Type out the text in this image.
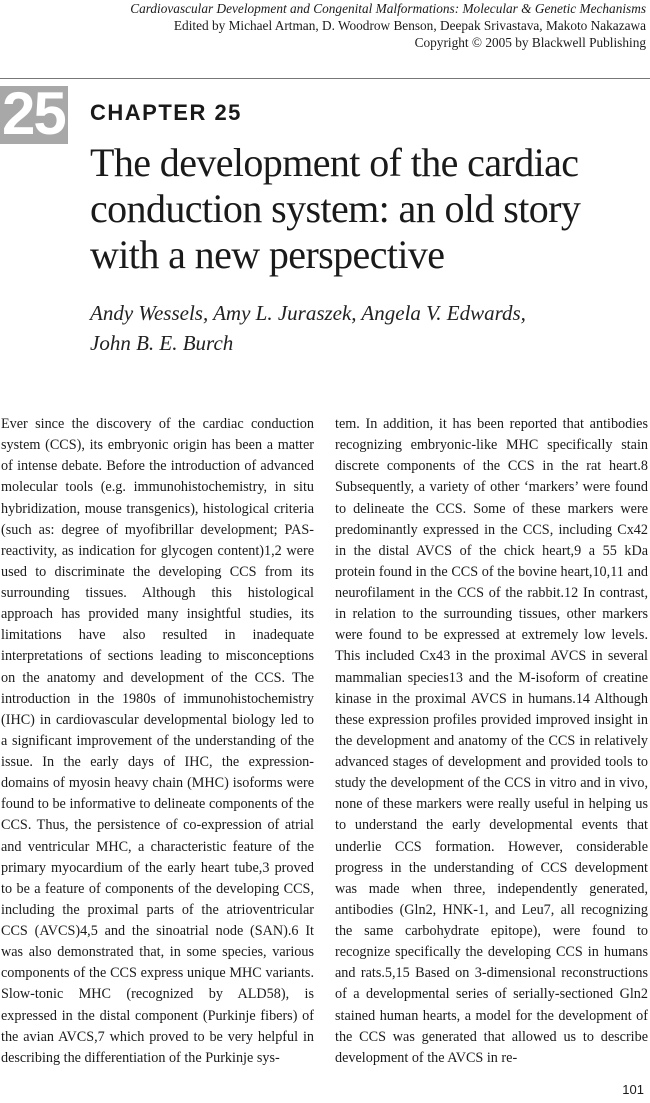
Cardiovascular Development and Congenital Malformations: Molecular & Genetic Mechanisms
Edited by Michael Artman, D. Woodrow Benson, Deepak Srivastava, Makoto Nakazawa
Copyright © 2005 by Blackwell Publishing
25 CHAPTER 25
The development of the cardiac conduction system: an old story with a new perspective
Andy Wessels, Amy L. Juraszek, Angela V. Edwards,
John B. E. Burch

Ever since the discovery of the cardiac conduction system (CCS), its embryonic origin has been a matter of intense debate. Before the introduction of advanced molecular tools (e.g. immunohistochemistry, in situ hybridization, mouse transgenics), histological criteria (such as: degree of myofibrillar development; PAS-reactivity, as indication for glycogen content)1,2 were used to discriminate the developing CCS from its surrounding tissues. Although this histological approach has provided many insightful studies, its limitations have also resulted in inadequate interpretations of sections leading to misconceptions on the anatomy and development of the CCS. The introduction in the 1980s of immunohistochemistry (IHC) in cardiovascular developmental biology led to a significant improvement of the understanding of the issue. In the early days of IHC, the expression-domains of myosin heavy chain (MHC) isoforms were found to be informative to delineate components of the CCS. Thus, the persistence of co-expression of atrial and ventricular MHC, a characteristic feature of the primary myocardium of the early heart tube,3 proved to be a feature of components of the developing CCS, including the proximal parts of the atrioventricular CCS (AVCS)4,5 and the sinoatrial node (SAN).6 It was also demonstrated that, in some species, various components of the CCS express unique MHC variants. Slow-tonic MHC (recognized by ALD58), is expressed in the distal component (Purkinje fibers) of the avian AVCS,7 which proved to be very helpful in describing the differentiation of the Purkinje sys-

tem. In addition, it has been reported that antibodies recognizing embryonic-like MHC specifically stain discrete components of the CCS in the rat heart.8 Subsequently, a variety of other ‘markers’ were found to delineate the CCS. Some of these markers were predominantly expressed in the CCS, including Cx42 in the distal AVCS of the chick heart,9 a 55 kDa protein found in the CCS of the bovine heart,10,11 and neurofilament in the CCS of the rabbit.12 In contrast, in relation to the surrounding tissues, other markers were found to be expressed at extremely low levels. This included Cx43 in the proximal AVCS in several mammalian species13 and the M-isoform of creatine kinase in the proximal AVCS in humans.14 Although these expression profiles provided improved insight in the development and anatomy of the CCS in relatively advanced stages of development and provided tools to study the development of the CCS in vitro and in vivo, none of these markers were really useful in helping us to understand the early developmental events that underlie CCS formation. However, considerable progress in the understanding of CCS development was made when three, independently generated, antibodies (Gln2, HNK-1, and Leu7, all recognizing the same carbohydrate epitope), were found to recognize specifically the developing CCS in humans and rats.5,15 Based on 3-dimensional reconstructions of a developmental series of serially-sectioned Gln2 stained human hearts, a model for the development of the CCS was generated that allowed us to describe development of the AVCS in re-

101
